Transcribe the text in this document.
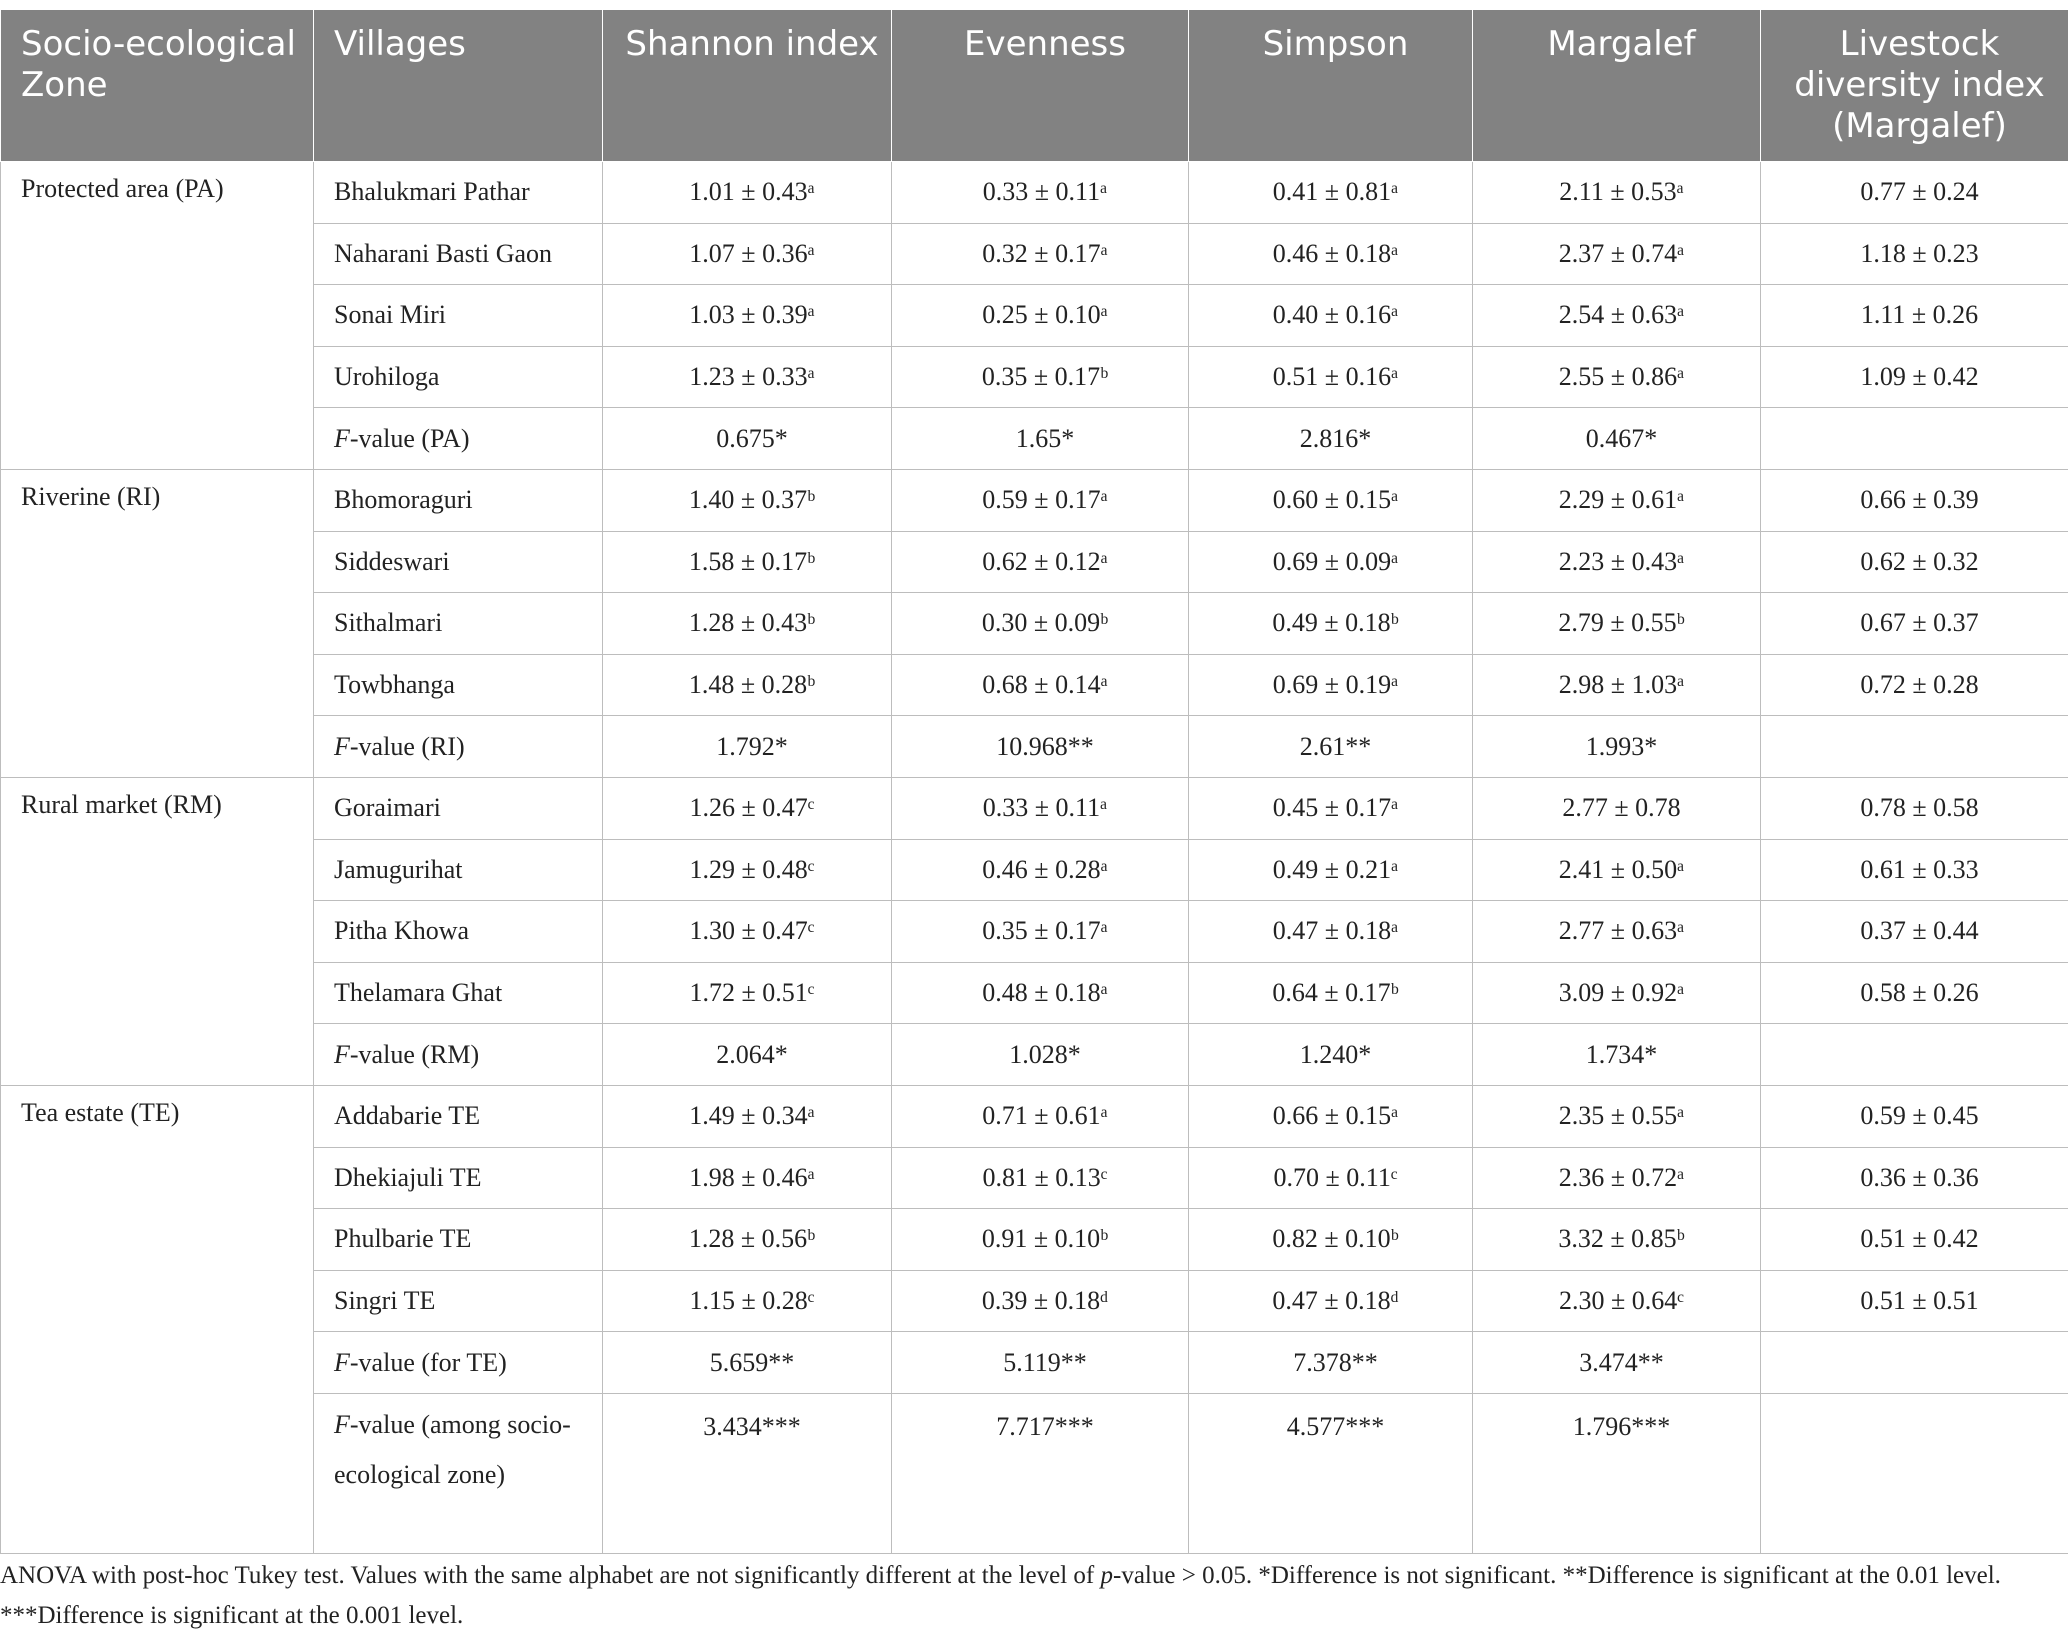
Socio-ecological Zone	Villages	Shannon index	Evenness	Simpson	Margalef	Livestock diversity index (Margalef)
Protected area (PA)	Bhalukmari Pathar	1.01 ± 0.43ᵃ	0.33 ± 0.11ᵃ	0.41 ± 0.81ᵃ	2.11 ± 0.53ᵃ	0.77 ± 0.24
	Naharani Basti Gaon	1.07 ± 0.36ᵃ	0.32 ± 0.17ᵃ	0.46 ± 0.18ᵃ	2.37 ± 0.74ᵃ	1.18 ± 0.23
	Sonai Miri	1.03 ± 0.39ᵃ	0.25 ± 0.10ᵃ	0.40 ± 0.16ᵃ	2.54 ± 0.63ᵃ	1.11 ± 0.26
	Urohiloga	1.23 ± 0.33ᵃ	0.35 ± 0.17ᵇ	0.51 ± 0.16ᵃ	2.55 ± 0.86ᵃ	1.09 ± 0.42
	F-value (PA)	0.675*	1.65*	2.816*	0.467*	
Riverine (RI)	Bhomoraguri	1.40 ± 0.37ᵇ	0.59 ± 0.17ᵃ	0.60 ± 0.15ᵃ	2.29 ± 0.61ᵃ	0.66 ± 0.39
	Siddeswari	1.58 ± 0.17ᵇ	0.62 ± 0.12ᵃ	0.69 ± 0.09ᵃ	2.23 ± 0.43ᵃ	0.62 ± 0.32
	Sithalmari	1.28 ± 0.43ᵇ	0.30 ± 0.09ᵇ	0.49 ± 0.18ᵇ	2.79 ± 0.55ᵇ	0.67 ± 0.37
	Towbhanga	1.48 ± 0.28ᵇ	0.68 ± 0.14ᵃ	0.69 ± 0.19ᵃ	2.98 ± 1.03ᵃ	0.72 ± 0.28
	F-value (RI)	1.792*	10.968**	2.61**	1.993*	
Rural market (RM)	Goraimari	1.26 ± 0.47ᶜ	0.33 ± 0.11ᵃ	0.45 ± 0.17ᵃ	2.77 ± 0.78	0.78 ± 0.58
	Jamugurihat	1.29 ± 0.48ᶜ	0.46 ± 0.28ᵃ	0.49 ± 0.21ᵃ	2.41 ± 0.50ᵃ	0.61 ± 0.33
	Pitha Khowa	1.30 ± 0.47ᶜ	0.35 ± 0.17ᵃ	0.47 ± 0.18ᵃ	2.77 ± 0.63ᵃ	0.37 ± 0.44
	Thelamara Ghat	1.72 ± 0.51ᶜ	0.48 ± 0.18ᵃ	0.64 ± 0.17ᵇ	3.09 ± 0.92ᵃ	0.58 ± 0.26
	F-value (RM)	2.064*	1.028*	1.240*	1.734*	
Tea estate (TE)	Addabarie TE	1.49 ± 0.34ᵃ	0.71 ± 0.61ᵃ	0.66 ± 0.15ᵃ	2.35 ± 0.55ᵃ	0.59 ± 0.45
	Dhekiajuli TE	1.98 ± 0.46ᵃ	0.81 ± 0.13ᶜ	0.70 ± 0.11ᶜ	2.36 ± 0.72ᵃ	0.36 ± 0.36
	Phulbarie TE	1.28 ± 0.56ᵇ	0.91 ± 0.10ᵇ	0.82 ± 0.10ᵇ	3.32 ± 0.85ᵇ	0.51 ± 0.42
	Singri TE	1.15 ± 0.28ᶜ	0.39 ± 0.18ᵈ	0.47 ± 0.18ᵈ	2.30 ± 0.64ᶜ	0.51 ± 0.51
	F-value (for TE)	5.659**	5.119**	7.378**	3.474**	
	F-value (among socio-ecological zone)	3.434***	7.717***	4.577***	1.796***	
ANOVA with post-hoc Tukey test. Values with the same alphabet are not significantly different at the level of p-value > 0.05. *Difference is not significant. **Difference is significant at the 0.01 level. ***Difference is significant at the 0.001 level.
